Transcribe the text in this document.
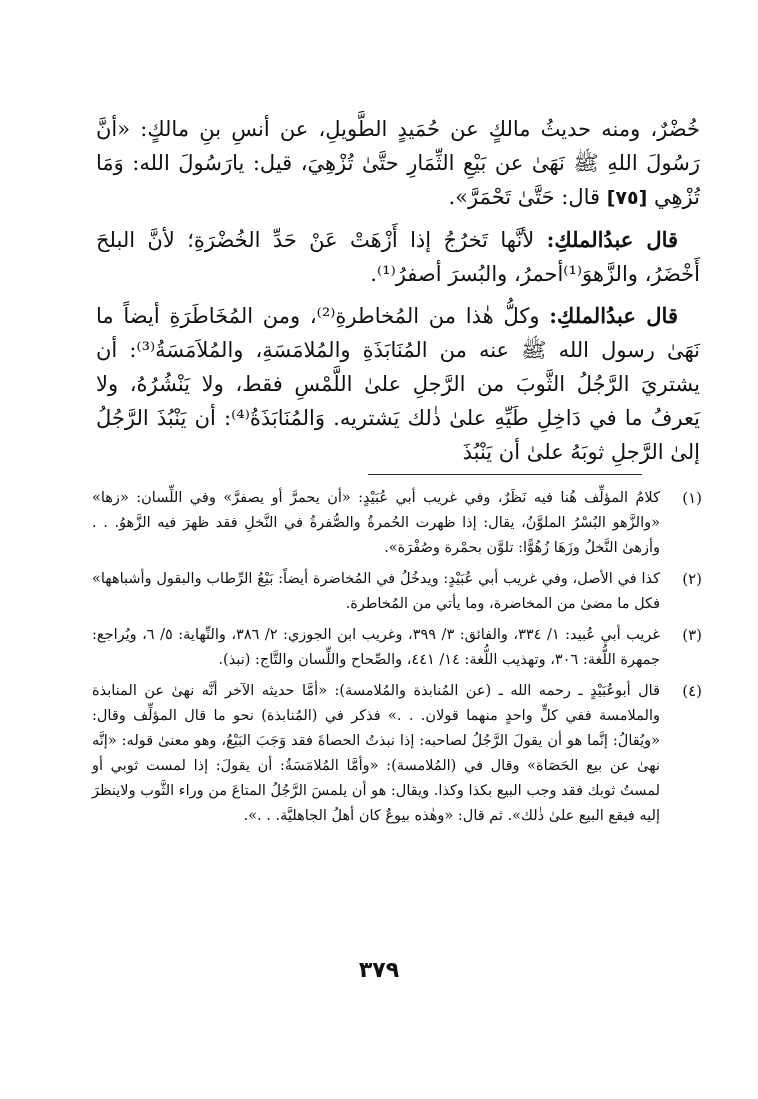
خُضْرٌ، ومنه حديثُ مالكٍ عن حُمَيدٍ الطَّويلِ، عن أنسِ بنِ مالكٍ: «أنَّ رَسُولَ اللهِ ﷺ نَهَىٰ عن بَيْعِ الثِّمَارِ حتَّىٰ تُزْهِيَ، قيل: يارَسُولَ الله: وَمَا تُزْهِي [٧٥] قال: حَتَّىٰ تَحْمَرَّ».

قال عبدُالملكِ: لأنَّها تَخرُجُ إذا أَزْهَتْ عَنْ حَدِّ الخُضْرَةِ؛ لأنَّ البلحَ أَخْضَرُ، والزَّهوَ⁽¹⁾أحمرُ، والبُسرَ أصفرُ⁽¹⁾.

قال عبدُالملكِ: وكلُّ هٰذا من المُخاطرةِ⁽²⁾، ومن المُخَاطَرَةِ أيضاً ما نَهَىٰ رسول الله ﷺ عنه من المُنَابَذَةِ والمُلامَسَةِ، والمُلاَمَسَةُ⁽³⁾: أن يشتريَ الرَّجُلُ الثَّوبَ من الرَّجلِ علىٰ اللَّمْسِ فقط، ولا يَنْشُرُهُ، ولا يَعرفُ ما في دَاخِلِ طَيِّهِ علىٰ ذٰلك يَشتريه. وَالمُنَابَذَةُ⁽⁴⁾: أن يَنْبُذَ الرَّجُلُ إلىٰ الرَّجلِ ثوبَهُ علىٰ أن يَنْبُذَ

(١)
كلامُ المؤلِّف هُنا فيه نَظَرٌ، وفي غريب أبي عُبَيْدٍ: «أن يحمرَّ أو يصفرَّ» وفي اللِّسان: «زها» «والزَّهو البُسْرُ الملوَّنُ، يقال: إذا ظهرت الحُمرةُ والصُّفرةُ في النَّخلِ فقد ظهرَ فيه الزَّهوُ. . . وأزهىٰ النَّخلُ وزَهَا زُهُوًّا: تلوَّن بحمْرة وصُفْرَة».
(٢)
كذا في الأصل، وفي غريب أبي عُبَيْدٍ: ويدخُلُ في المُخاضرة أيضاً: بَيْعُ الرِّطاب والبقول وأشباهها» فكل ما مضىٰ من المخاضرة، وما يأتي من المُخاطرة.
(٣)
غريب أبي عُبيد: ١/ ٣٣٤، والفائق: ٣/ ٣٩٩، وغريب ابن الجوزي: ٢/ ٣٨٦، والنِّهاية: ٥/ ٦، ويُراجع: جمهرة اللُّغة: ٣٠٦، وتهذيب اللُّغة: ١٤/ ٤٤١، والصِّحاح واللِّسان والتَّاج: (نبذ).
(٤)
قال أبوعُبَيْدٍ ـ رحمه الله ـ (عن المُنابذة والمُلامسة): «أمَّا حديثه الآخر أنَّه نهىٰ عن المنابذة والملامسة ففي كلٍّ واحدٍ منهما قولان. . .» فذكر في (المُنابذة) نحو ما قال المؤلِّف وقال: «ويُقالُ: إنَّما هو أن يقولَ الرَّجُلُ لصاحبه: إذا نبذتُ الحصاةَ فقد وَجَبَ البَيْعُ، وهو معنىٰ قوله: «إنَّه نهىٰ عن بيع الحَصَاة» وقال في (المُلامسة): «وأمَّا المُلامَسَةُ: أن يقولَ: إذا لمست ثوبي أو لمستُ ثوبك فقد وجب البيع بكذا وكذا. ويقال: هو أن يلمسَ الرَّجُلُ المتاعَ من وراء الثَّوب ولاينظرَ إليه فيقع البيع علىٰ ذٰلك». ثم قال: «وهٰذه بيوعٌ كان أهلُ الجاهليَّة. . .».
٣٧٩
